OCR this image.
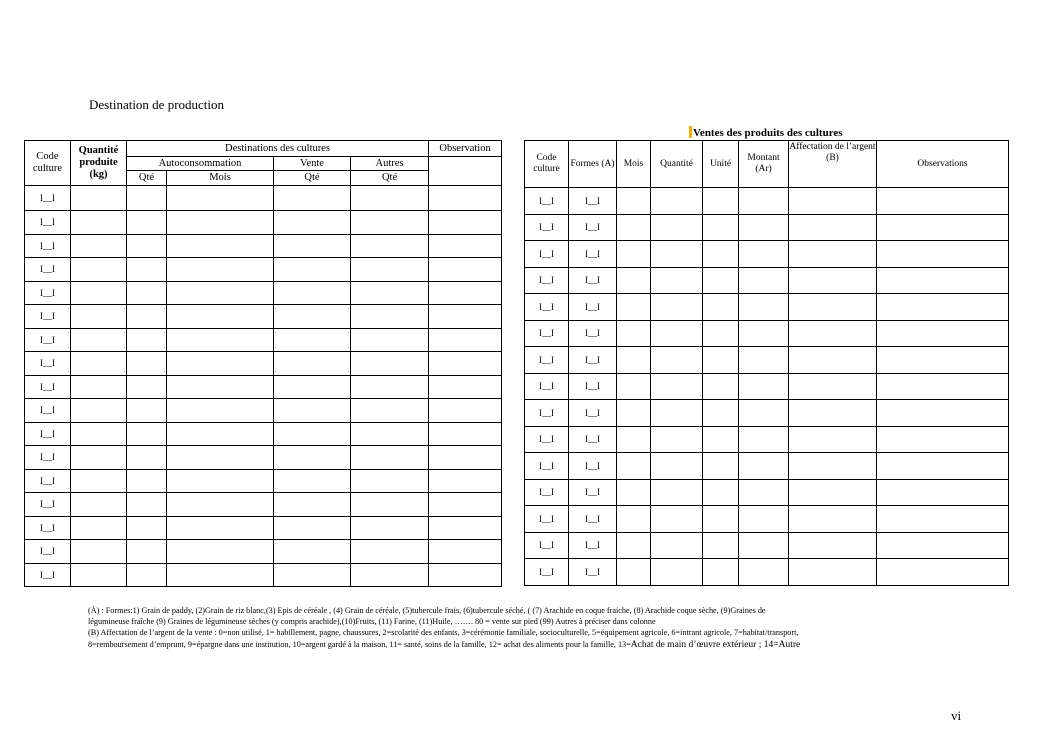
Destination de production
Ventes des produits des cultures
Code culture	Quantité produite (kg)	Destinations des cultures				Observation
		Autoconsommation		Vente	Autres	
		Qté	Mois	Qté	Qté	
I__I						
I__I						
I__I						
I__I						
I__I						
I__I						
I__I						
I__I						
I__I						
I__I						
I__I						
I__I						
I__I						
I__I						
I__I						
I__I						
I__I						
Code culture	Formes (A)	Mois	Quantité	Unité	Montant (Ar)	Affectation de l’argent (B)	Observations
I__I	I__I						
I__I	I__I						
I__I	I__I						
I__I	I__I						
I__I	I__I						
I__I	I__I						
I__I	I__I						
I__I	I__I						
I__I	I__I						
I__I	I__I						
I__I	I__I						
I__I	I__I						
I__I	I__I						
I__I	I__I						
I__I	I__I						
(À) : Formes:1) Grain de paddy, (2)Grain de riz blanc,(3) Epis de céréale , (4) Grain de céréale, (5)tubercule frais, (6)tubercule séché, ( (7) Arachide en coque fraiche, (8) Arachide coque sèche, (9)Graines de
légumineuse fraîche (9) Graines de légumineuse sèches (y compris arachide),(10)Fruits, (11) Farine, (11)Huile, ……. 80 = vente sur pied (99) Autres à préciser dans colonne
(B) Affectation de l’argent de la vente : 0=non utilisé, 1= habillement, pagne, chaussures, 2=scolarité des enfants, 3=cérémonie familiale, socioculturelle, 5=équipement agricole, 6=intrant agricole, 7=habitat/transport,
8=remboursement d’emprunt, 9=épargne dans une institution, 10=argent gardé à la maison, 11= santé, soins de la famille, 12= achat des aliments pour la famille, 13=Achat de main d’œuvre extérieur ; 14=Autre
vi
